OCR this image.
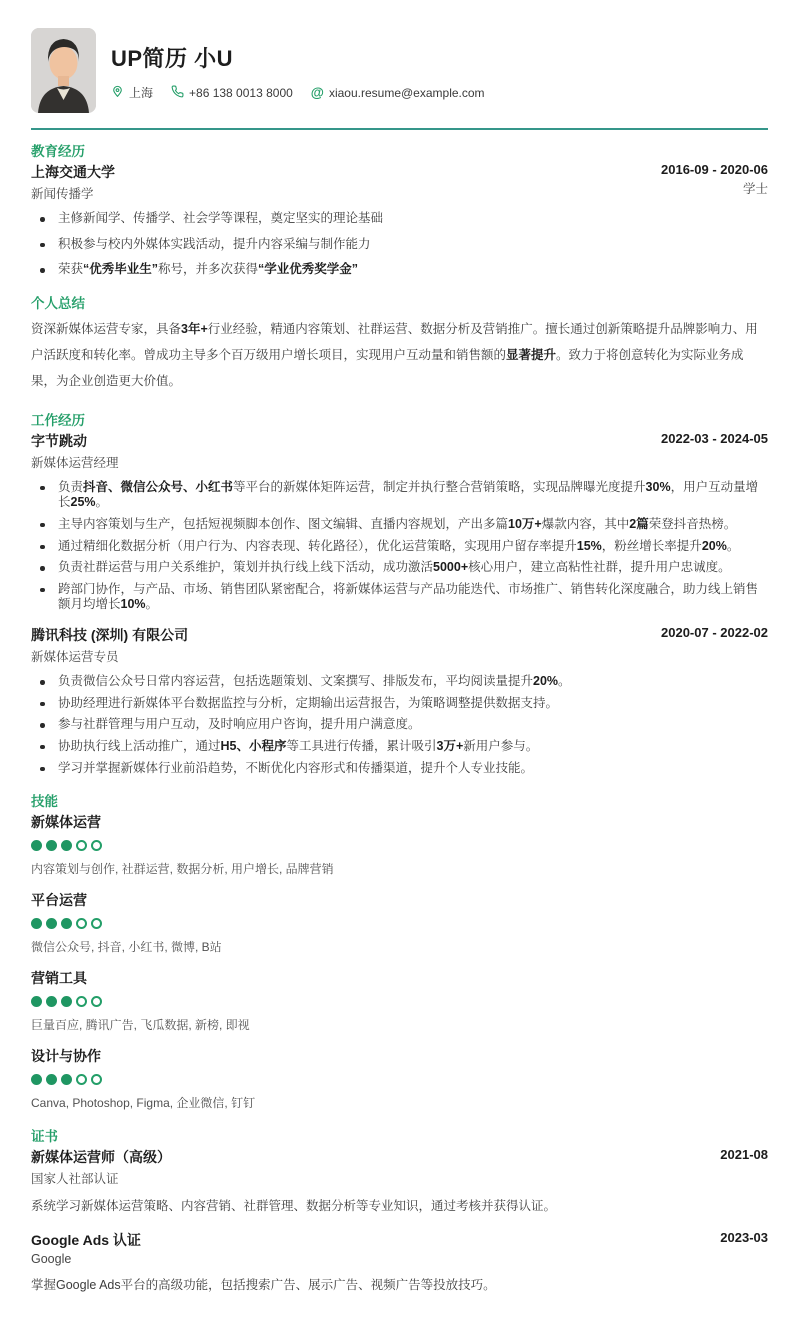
UP简历 小U
上海	+86 138 0013 8000 @ xiaou.resume@example.com
教育经历
上海交通大学
新闻传播学
2016-09 - 2020-06
学士
主修新闻学、传播学、社会学等课程，奠定坚实的理论基础
积极参与校内外媒体实践活动，提升内容采编与制作能力
荣获“优秀毕业生”称号，并多次获得“学业优秀奖学金”
个人总结

资深新媒体运营专家，具备3年+行业经验，精通内容策划、社群运营、数据分析及营销推广。擅长通过创新策略提升品牌影响力、用户活跃度和转化率。曾成功主导多个百万级用户增长项目，实现用户互动量和销售额的显著提升。致力于将创意转化为实际业务成果，为企业创造更大价值。

工作经历
字节跳动
新媒体运营经理
2022-03 - 2024-05
负责抖音、微信公众号、小红书等平台的新媒体矩阵运营，制定并执行整合营销策略，实现品牌曝光度提升30%，用户互动量增长25%。
主导内容策划与生产，包括短视频脚本创作、图文编辑、直播内容规划，产出多篇10万+爆款内容，其中2篇荣登抖音热榜。
通过精细化数据分析（用户行为、内容表现、转化路径），优化运营策略，实现用户留存率提升15%，粉丝增长率提升20%。
负责社群运营与用户关系维护，策划并执行线上线下活动，成功激活5000+核心用户，建立高粘性社群，提升用户忠诚度。
跨部门协作，与产品、市场、销售团队紧密配合，将新媒体运营与产品功能迭代、市场推广、销售转化深度融合，助力线上销售额月均增长10%。
腾讯科技 (深圳) 有限公司
新媒体运营专员
2020-07 - 2022-02
负责微信公众号日常内容运营，包括选题策划、文案撰写、排版发布，平均阅读量提升20%。
协助经理进行新媒体平台数据监控与分析，定期输出运营报告，为策略调整提供数据支持。
参与社群管理与用户互动，及时响应用户咨询，提升用户满意度。
协助执行线上活动推广，通过H5、小程序等工具进行传播，累计吸引3万+新用户参与。
学习并掌握新媒体行业前沿趋势，不断优化内容形式和传播渠道，提升个人专业技能。
技能
新媒体运营
内容策划与创作, 社群运营, 数据分析, 用户增长, 品牌营销
平台运营
微信公众号, 抖音, 小红书, 微博, B站
营销工具
巨量百应, 腾讯广告, 飞瓜数据, 新榜, 即视
设计与协作
Canva, Photoshop, Figma, 企业微信, 钉钉
证书
新媒体运营师（高级）
国家人社部认证
2021-08

系统学习新媒体运营策略、内容营销、社群管理、数据分析等专业知识，通过考核并获得认证。

Google Ads 认证
Google
2023-03

掌握Google Ads平台的高级功能，包括搜索广告、展示广告、视频广告等投放技巧。
